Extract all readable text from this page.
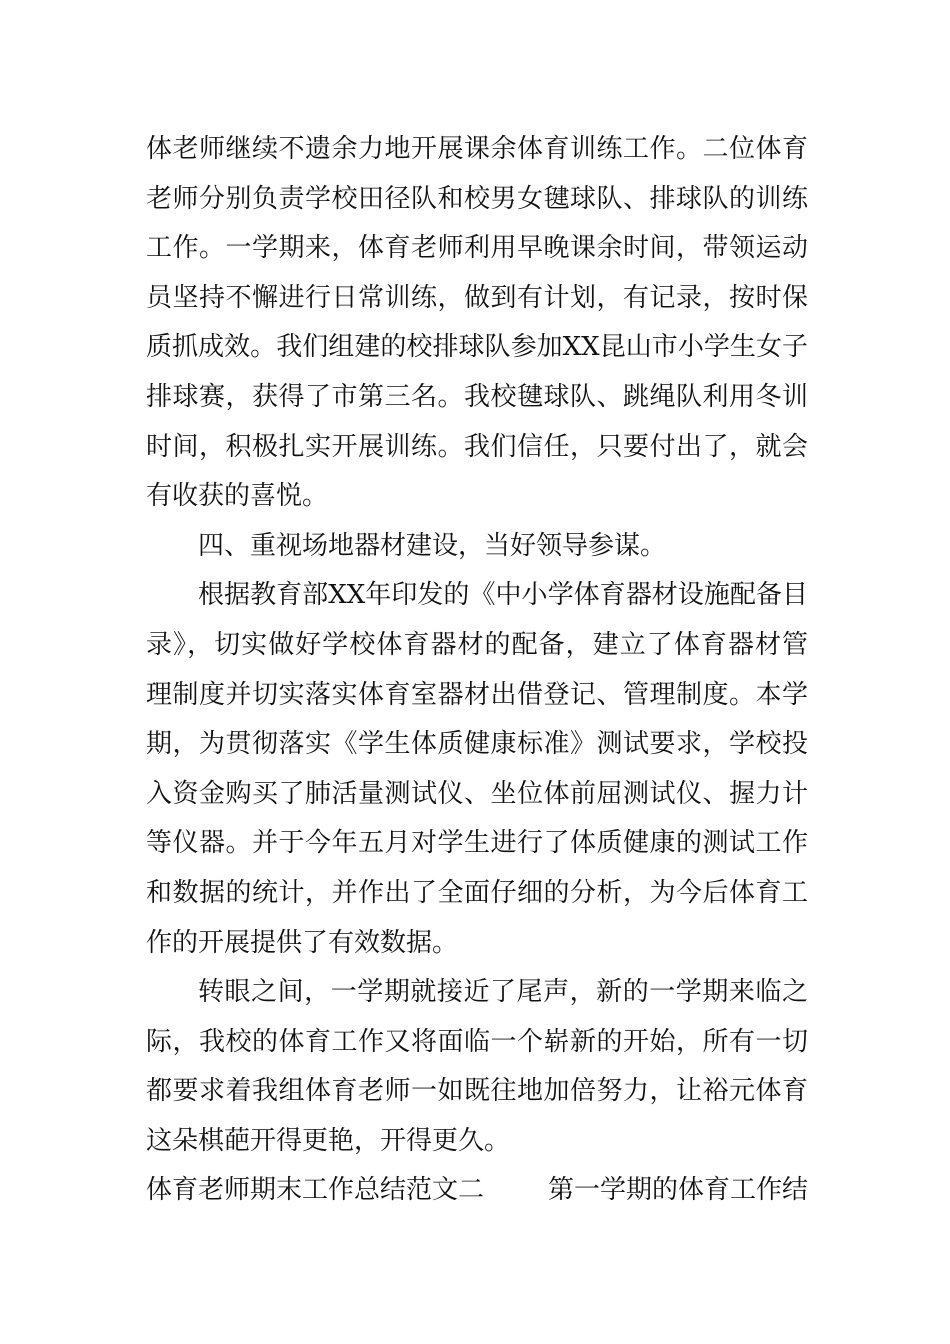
体老师继续不遗余力地开展课余体育训练工作。二位体育
老师分别负责学校田径队和校男女毽球队、排球队的训练
工作。一学期来，体育老师利用早晚课余时间，带领运动
员坚持不懈进行日常训练，做到有计划，有记录，按时保
质抓成效。我们组建的校排球队参加XX昆山市小学生女子
排球赛，获得了市第三名。我校毽球队、跳绳队利用冬训
时间，积极扎实开展训练。我们信任，只要付出了，就会
有收获的喜悦。
四、重视场地器材建设，当好领导参谋。
根据教育部XX年印发的《中小学体育器材设施配备目
录》，切实做好学校体育器材的配备，建立了体育器材管
理制度并切实落实体育室器材出借登记、管理制度。本学
期，为贯彻落实《学生体质健康标准》测试要求，学校投
入资金购买了肺活量测试仪、坐位体前屈测试仪、握力计
等仪器。并于今年五月对学生进行了体质健康的测试工作
和数据的统计，并作出了全面仔细的分析，为今后体育工
作的开展提供了有效数据。
转眼之间，一学期就接近了尾声，新的一学期来临之
际，我校的体育工作又将面临一个崭新的开始，所有一切
都要求着我组体育老师一如既往地加倍努力，让裕元体育
这朵棋葩开得更艳，开得更久。
体育老师期末工作总结范文二 第一学期的体育工作结
